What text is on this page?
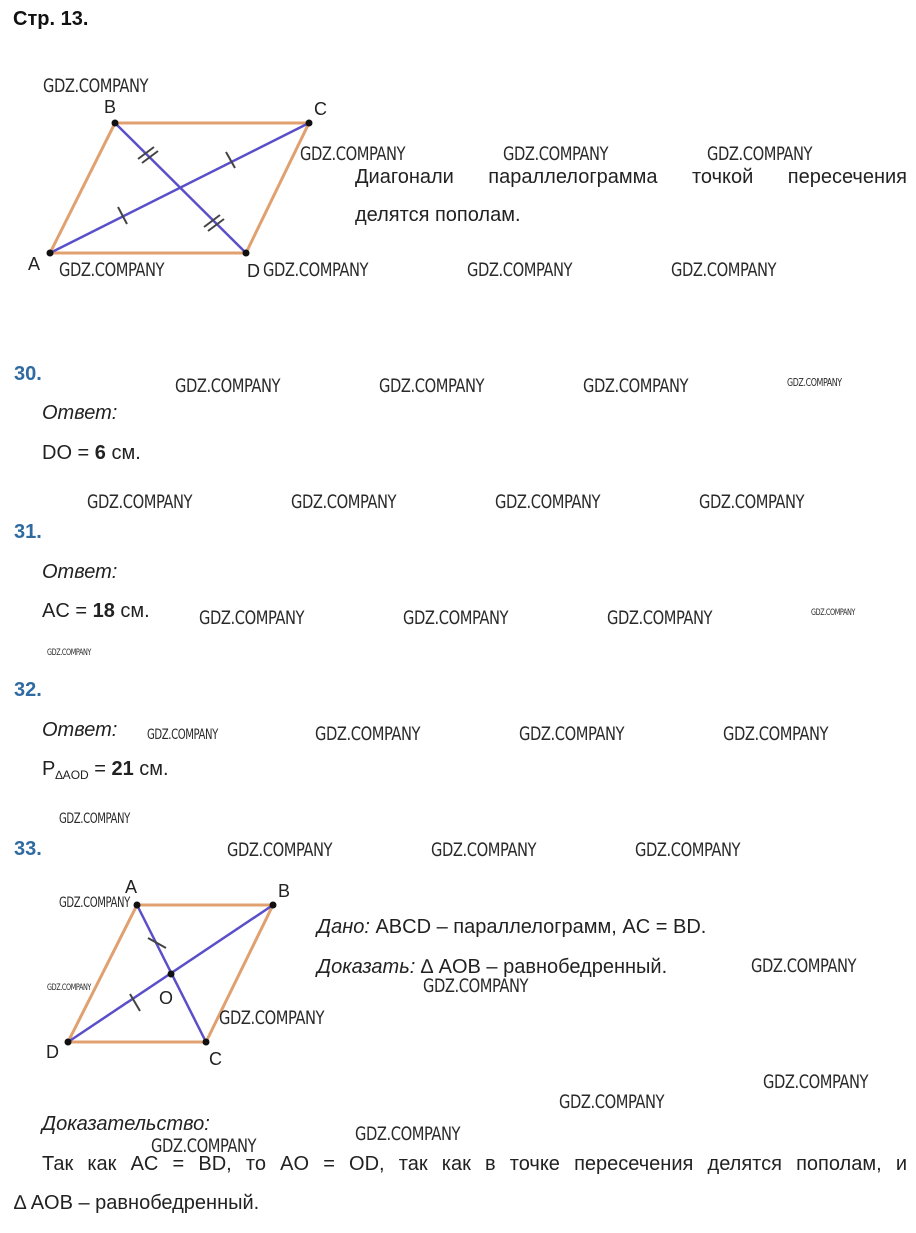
Стр. 13.
A
B	C
D
Диагонали параллелограмма точкой пересечения
делятся пополам.
30.
Ответ:
DO = 6 см.
31.
Ответ:
AC = 18 см.
32.
Ответ:
$P_{\Delta AOD} = 21$ см.
33.
A	B
C
D
O
Дано: ABCD – параллелограмм, AC = BD.
Доказать: ∆ AOB – равнобедренный.
Доказательство:
Так как AC = BD, то AO = OD, так как в точке пересечения делятся пополам, и
∆ AOB – равнобедренный.
GDZ.COMPANY
GDZ.COMPANY	GDZ.COMPANY	GDZ.COMPANY
GDZ.COMPANY	GDZ.COMPANY	GDZ.COMPANY	GDZ.COMPANY
GDZ.COMPANY	GDZ.COMPANY	GDZ.COMPANY	GDZ.COMPANY
GDZ.COMPANY	GDZ.COMPANY	GDZ.COMPANY	GDZ.COMPANY
GDZ.COMPANY	GDZ.COMPANY	GDZ.COMPANY	GDZ.COMPANY
GDZ.COMPANY
GDZ.COMPANY	GDZ.COMPANY	GDZ.COMPANY	GDZ.COMPANY
GDZ.COMPANY
GDZ.COMPANY	GDZ.COMPANY	GDZ.COMPANY
GDZ.COMPANY
GDZ.COMPANY
GDZ.COMPANY
GDZ.COMPANY
GDZ.COMPANY
GDZ.COMPANY
GDZ.COMPANY
GDZ.COMPANY
GDZ.COMPANY
